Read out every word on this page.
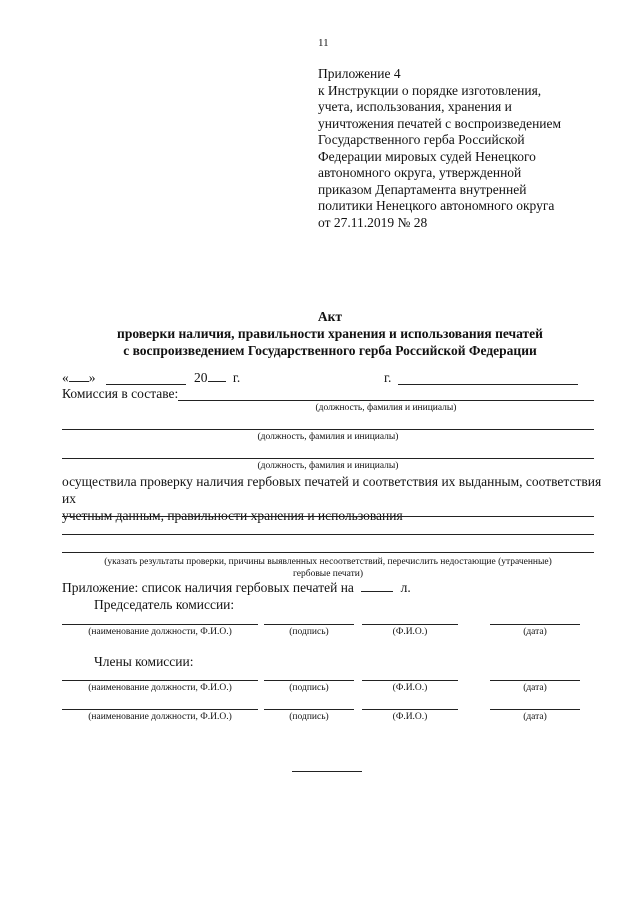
11
Приложение 4
к Инструкции о порядке изготовления,
учета, использования, хранения и
уничтожения печатей с воспроизведением
Государственного герба Российской
Федерации мировых судей Ненецкого
автономного округа, утвержденной
приказом Департамента внутренней
политики Ненецкого автономного округа
от 27.11.2019 № 28
Акт
проверки наличия, правильности хранения и использования печатей
с воспроизведением Государственного герба Российской Федерации
« »	20 г.	г.
Комиссия в составе:
(должность, фамилия и инициалы)
(должность, фамилия и инициалы)
(должность, фамилия и инициалы)
осуществила проверку наличия гербовых печатей и соответствия их выданным, соответствия их
учетным данным, правильности хранения и использования
(указать результаты проверки, причины выявленных несоответствий, перечислить недостающие (утраченные)
гербовые печати)
Приложение: список наличия гербовых печатей на	л.
Председатель комиссии:
(наименование должности, Ф.И.О.)	(подпись)	(Ф.И.О.)	(дата)
Члены комиссии:
(наименование должности, Ф.И.О.)	(подпись)	(Ф.И.О.)	(дата)
(наименование должности, Ф.И.О.)	(подпись)	(Ф.И.О.)	(дата)
